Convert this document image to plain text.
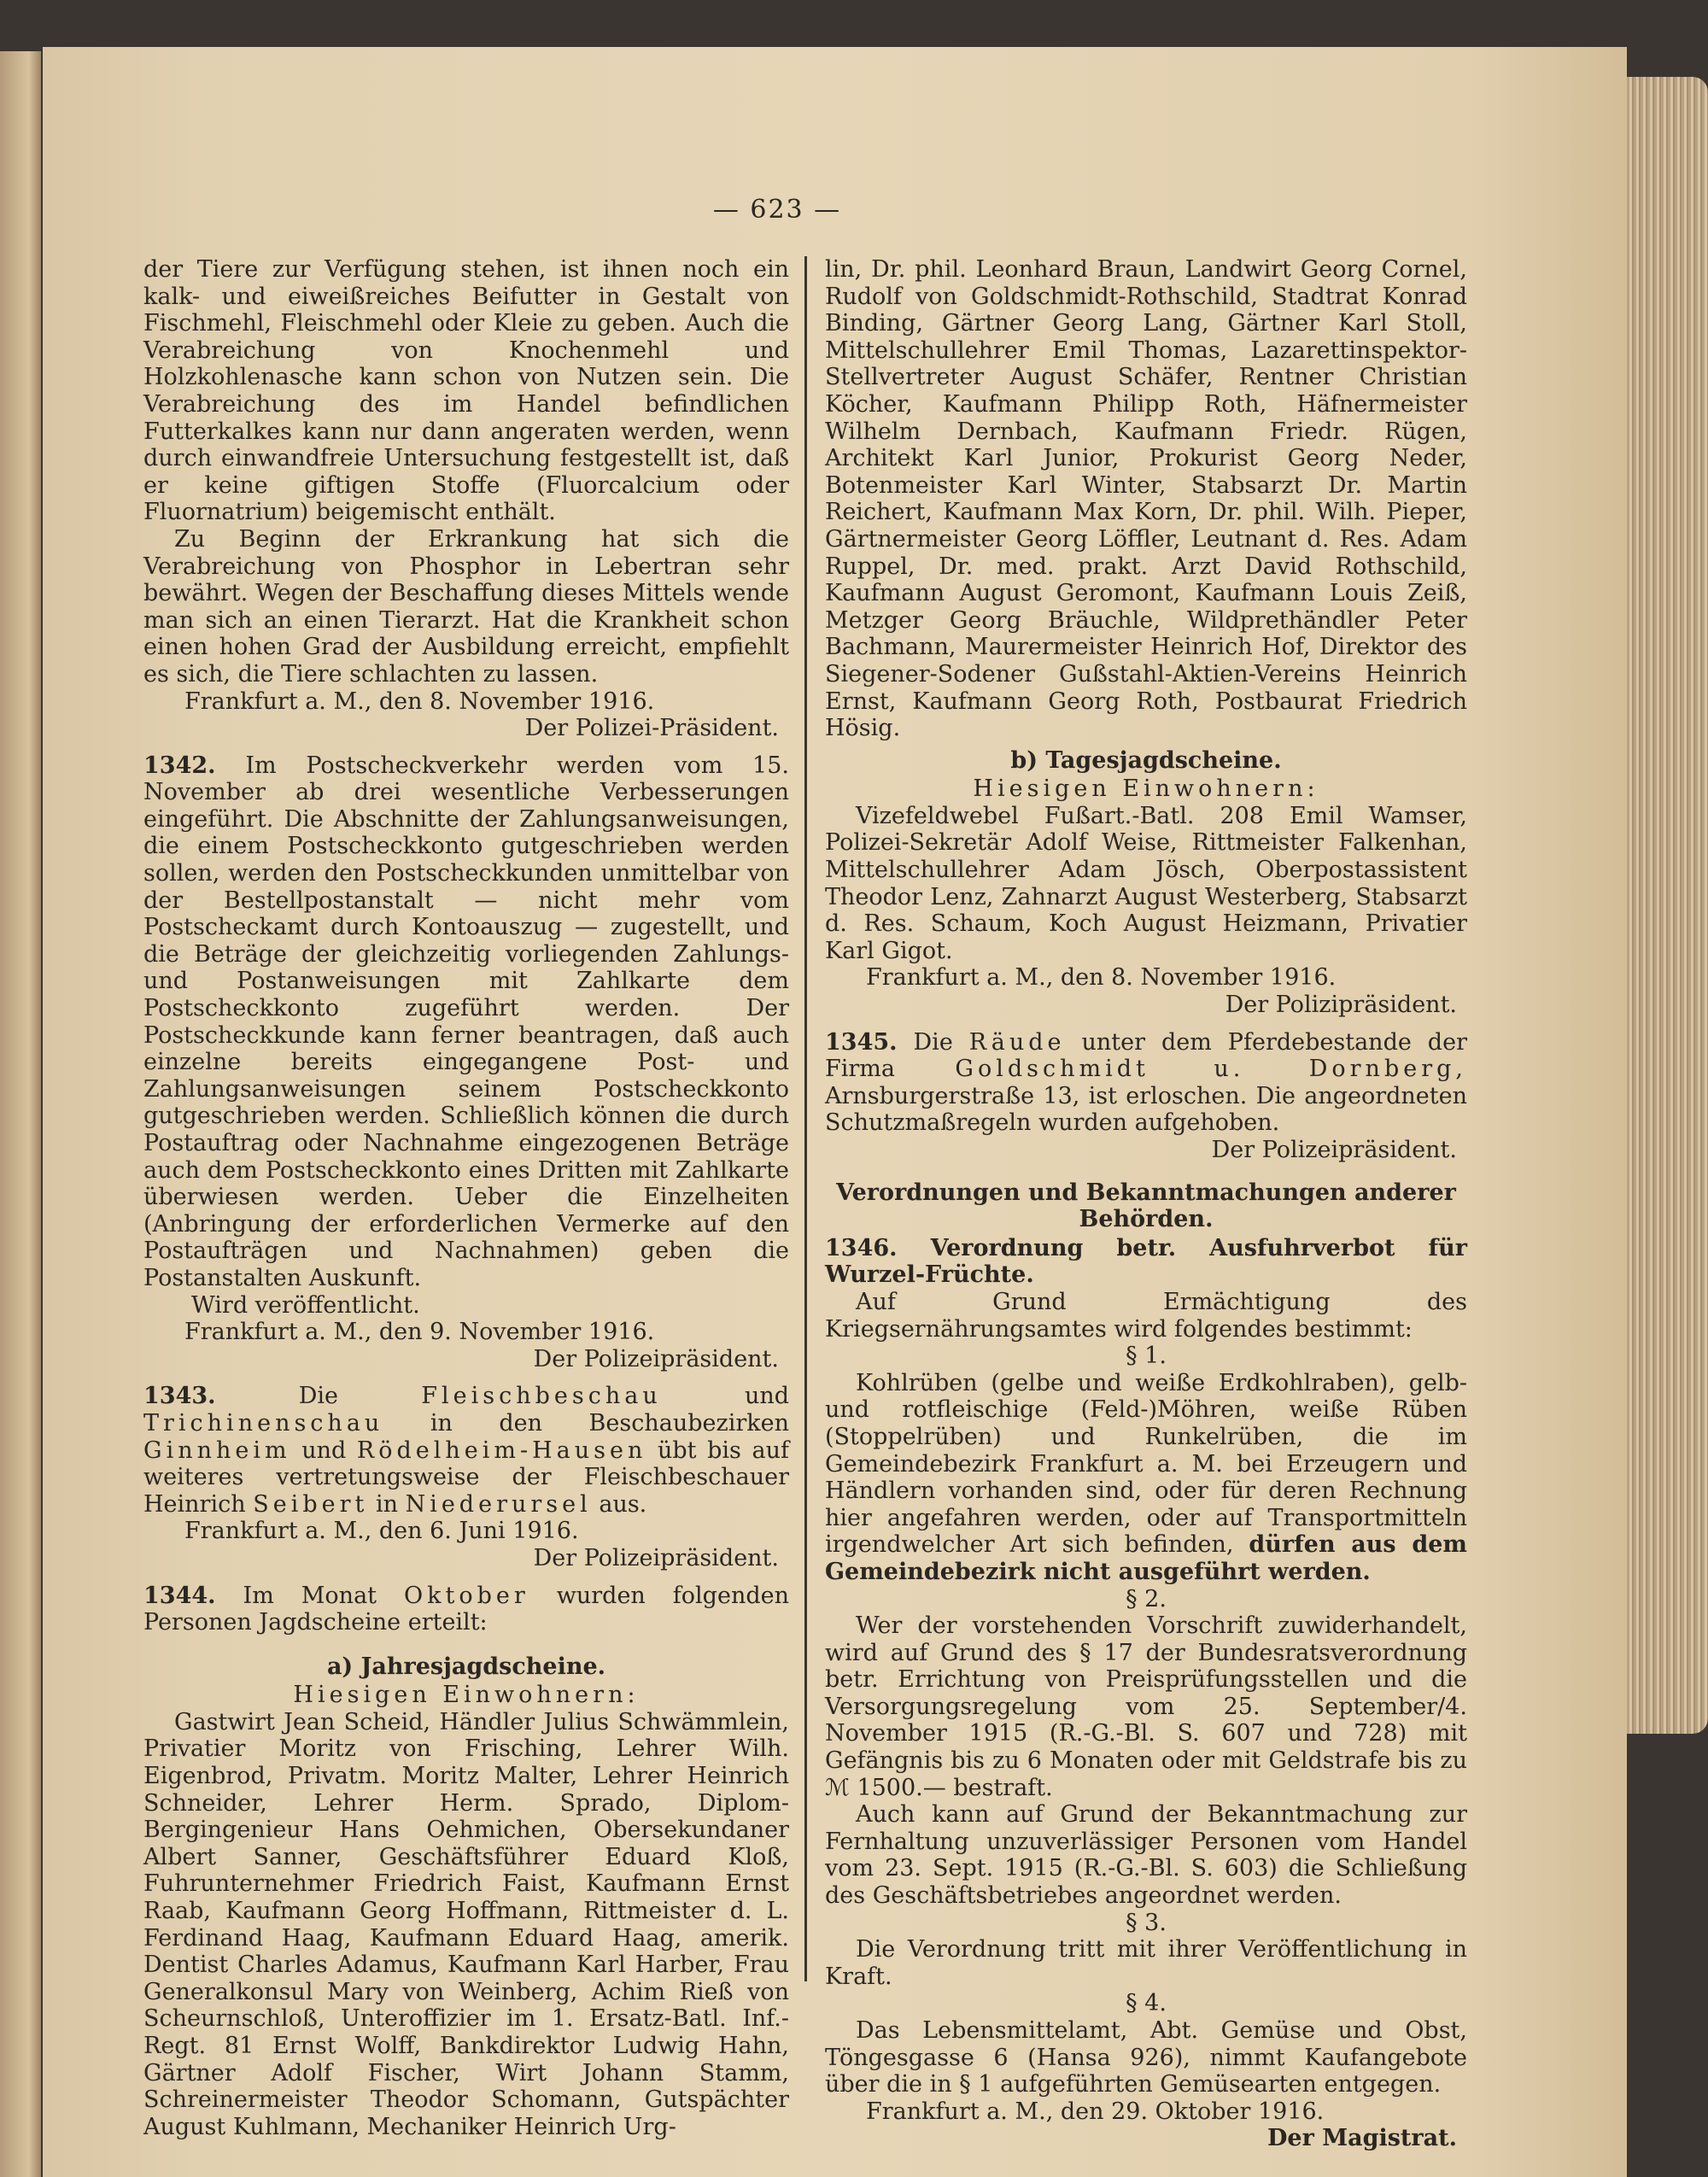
— 623 —

der Tiere zur Verfügung stehen, ist ihnen noch ein kalk- und eiweißreiches Beifutter in Gestalt von Fischmehl, Fleischmehl oder Kleie zu geben. Auch die Verabreichung von Knochenmehl und Holzkohlenasche kann schon von Nutzen sein. Die Verabreichung des im Handel befindlichen Futterkalkes kann nur dann angeraten werden, wenn durch einwandfreie Untersuchung festgestellt ist, daß er keine giftigen Stoffe (Fluorcalcium oder Fluornatrium) beigemischt enthält.

Zu Beginn der Erkrankung hat sich die Verabreichung von Phosphor in Lebertran sehr bewährt. Wegen der Beschaffung dieses Mittels wende man sich an einen Tierarzt. Hat die Krankheit schon einen hohen Grad der Ausbildung erreicht, empfiehlt es sich, die Tiere schlachten zu lassen.

Frankfurt a. M., den 8. November 1916.

Der Polizei-Präsident.

1342. Im Postscheckverkehr werden vom 15. November ab drei wesentliche Verbesserungen eingeführt. Die Abschnitte der Zahlungsanweisungen, die einem Postscheckkonto gutgeschrieben werden sollen, werden den Postscheckkunden unmittelbar von der Bestellpostanstalt — nicht mehr vom Postscheckamt durch Kontoauszug — zugestellt, und die Beträge der gleichzeitig vorliegenden Zahlungs- und Postanweisungen mit Zahlkarte dem Postscheckkonto zugeführt werden. Der Postscheckkunde kann ferner beantragen, daß auch einzelne bereits eingegangene Post- und Zahlungsanweisungen seinem Postscheckkonto gutgeschrieben werden. Schließlich können die durch Postauftrag oder Nachnahme eingezogenen Beträge auch dem Postscheckkonto eines Dritten mit Zahlkarte überwiesen werden. Ueber die Einzelheiten (Anbringung der erforderlichen Vermerke auf den Postaufträgen und Nachnahmen) geben die Postanstalten Auskunft.

Wird veröffentlicht.

Frankfurt a. M., den 9. November 1916.

Der Polizeipräsident.

1343.	Die	Fleischbeschau	und Trichinenschau in den Beschaubezirken Ginnheim und Rödelheim-Hausen übt bis auf weiteres vertretungsweise der Fleischbeschauer Heinrich Seibert in Niederursel aus.

Frankfurt a. M., den 6. Juni 1916.

Der Polizeipräsident.

1344. Im Monat Oktober wurden folgenden Personen Jagdscheine erteilt:

a) Jahresjagdscheine.

Hiesigen Einwohnern:

Gastwirt Jean Scheid, Händler Julius Schwämmlein, Privatier Moritz von Frisching, Lehrer Wilh. Eigenbrod, Privatm. Moritz Malter, Lehrer Heinrich Schneider, Lehrer Herm. Sprado, Diplom-Bergingenieur Hans Oehmichen, Obersekundaner Albert Sanner, Geschäftsführer Eduard Kloß, Fuhrunternehmer Friedrich Faist, Kaufmann Ernst Raab, Kaufmann Georg Hoffmann, Rittmeister d. L. Ferdinand Haag, Kaufmann Eduard Haag, amerik. Dentist Charles Adamus, Kaufmann Karl Harber, Frau Generalkonsul Mary von Weinberg, Achim Rieß von Scheurnschloß, Unteroffizier im 1. Ersatz-Batl. Inf.-Regt. 81 Ernst Wolff, Bankdirektor Ludwig Hahn, Gärtner Adolf Fischer, Wirt Johann Stamm, Schreinermeister Theodor Schomann, Gutspächter August Kuhlmann, Mechaniker Heinrich Urg-

lin, Dr. phil. Leonhard Braun, Landwirt Georg Cornel, Rudolf von Goldschmidt-Rothschild, Stadtrat Konrad Binding, Gärtner Georg Lang, Gärtner Karl Stoll, Mittelschullehrer Emil Thomas, Lazarettinspektor-Stellvertreter August Schäfer, Rentner Christian Köcher, Kaufmann Philipp Roth, Häfnermeister Wilhelm Dernbach, Kaufmann Friedr. Rügen, Architekt Karl Junior, Prokurist Georg Neder, Botenmeister Karl Winter, Stabsarzt Dr. Martin Reichert, Kaufmann Max Korn, Dr. phil. Wilh. Pieper, Gärtnermeister Georg Löffler, Leutnant d. Res. Adam Ruppel, Dr. med. prakt. Arzt David Rothschild, Kaufmann August Geromont, Kaufmann Louis Zeiß, Metzger Georg Bräuchle, Wildprethändler Peter Bachmann, Maurermeister Heinrich Hof, Direktor des Siegener-Sodener Gußstahl-Aktien-Vereins Heinrich Ernst, Kaufmann Georg Roth, Postbaurat Friedrich Hösig.

b) Tagesjagdscheine.

Hiesigen Einwohnern:

Vizefeldwebel Fußart.-Batl. 208 Emil Wamser, Polizei-Sekretär Adolf Weise, Rittmeister Falkenhan, Mittelschullehrer Adam Jösch, Oberpostassistent Theodor Lenz, Zahnarzt August Westerberg, Stabsarzt d. Res. Schaum, Koch August Heizmann, Privatier Karl Gigot.

Frankfurt a. M., den 8. November 1916.

Der Polizipräsident.

1345. Die Räude unter dem Pferdebestande der Firma	Goldschmidt u. Dornberg, Arnsburgerstraße 13, ist erloschen. Die angeordneten Schutzmaßregeln wurden aufgehoben.

Der Polizeipräsident.

Verordnungen und Bekanntmachungen anderer Behörden.

1346. Verordnung betr. Ausfuhrverbot für Wurzel-Früchte.

Auf Grund Ermächtigung des Kriegsernährungsamtes wird folgendes bestimmt:

§ 1.

Kohlrüben (gelbe und weiße Erdkohlraben), gelb- und rotfleischige (Feld-)Möhren, weiße Rüben (Stoppelrüben) und Runkelrüben, die im Gemeindebezirk Frankfurt a. M. bei Erzeugern und Händlern vorhanden sind, oder für deren Rechnung hier angefahren werden, oder auf Transportmitteln irgendwelcher Art sich befinden, dürfen aus dem Gemeindebezirk nicht ausgeführt werden.

§ 2.

Wer der vorstehenden Vorschrift zuwiderhandelt, wird auf Grund des § 17 der Bundesratsverordnung betr. Errichtung von Preisprüfungsstellen und die Versorgungsregelung vom 25. September/4. November 1915 (R.-G.-Bl. S. 607 und 728) mit Gefängnis bis zu 6 Monaten oder mit Geldstrafe bis zu ℳ 1500.— bestraft.

Auch kann auf Grund der Bekanntmachung zur Fernhaltung unzuverlässiger Personen vom Handel vom 23. Sept. 1915 (R.-G.-Bl. S. 603) die Schließung des Geschäftsbetriebes angeordnet werden.

§ 3.

Die Verordnung tritt mit ihrer Veröffentlichung in Kraft.

§ 4.

Das Lebensmittelamt, Abt. Gemüse und Obst, Töngesgasse 6 (Hansa 926), nimmt Kaufangebote über die in § 1 aufgeführten Gemüsearten entgegen.

Frankfurt a. M., den 29. Oktober 1916.

Der Magistrat.
